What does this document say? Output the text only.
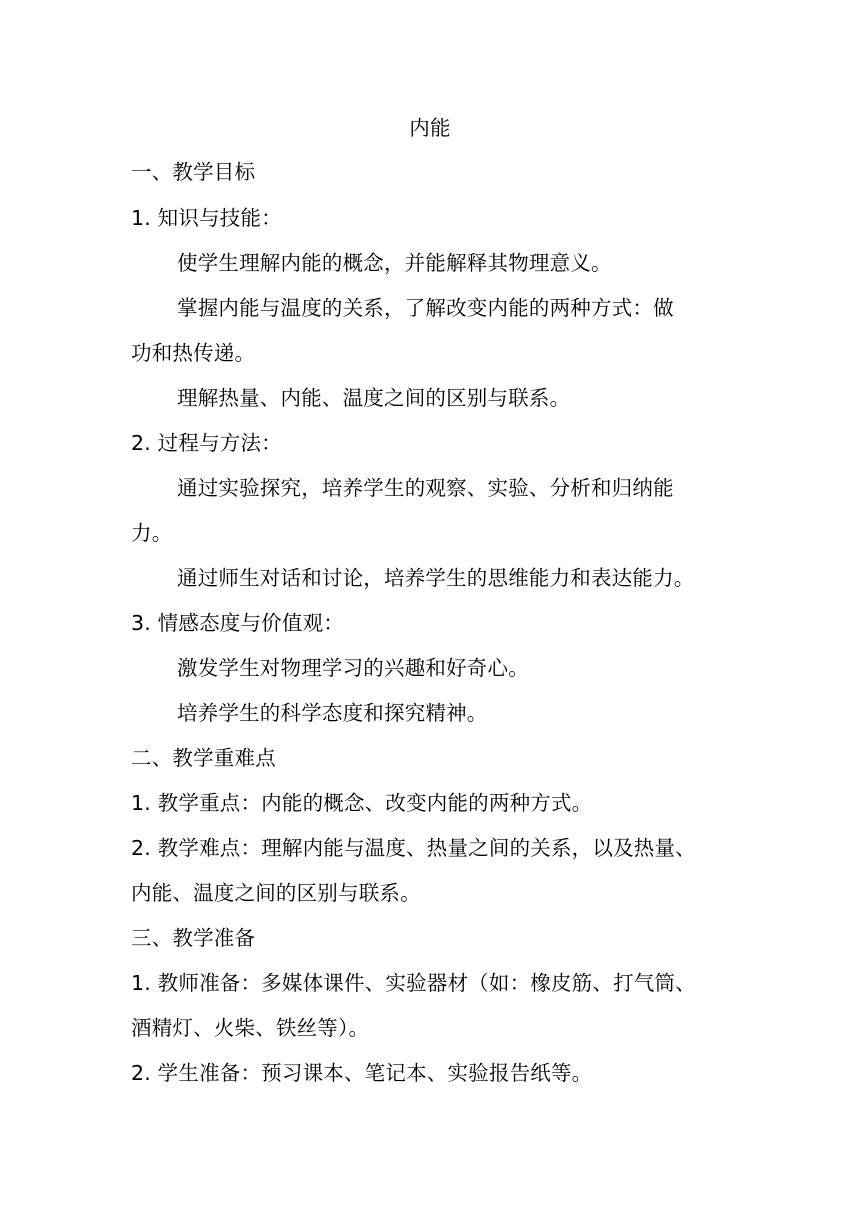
内能
一、教学目标
1. 知识与技能：
使学生理解内能的概念，并能解释其物理意义。
掌握内能与温度的关系，了解改变内能的两种方式：做
功和热传递。
理解热量、内能、温度之间的区别与联系。
2. 过程与方法：
通过实验探究，培养学生的观察、实验、分析和归纳能
力。
通过师生对话和讨论，培养学生的思维能力和表达能力。
3. 情感态度与价值观：
激发学生对物理学习的兴趣和好奇心。
培养学生的科学态度和探究精神。
二、教学重难点
1. 教学重点：内能的概念、改变内能的两种方式。
2. 教学难点：理解内能与温度、热量之间的关系，以及热量、
内能、温度之间的区别与联系。
三、教学准备
1. 教师准备：多媒体课件、实验器材（如：橡皮筋、打气筒、
酒精灯、火柴、铁丝等）。
2. 学生准备：预习课本、笔记本、实验报告纸等。
